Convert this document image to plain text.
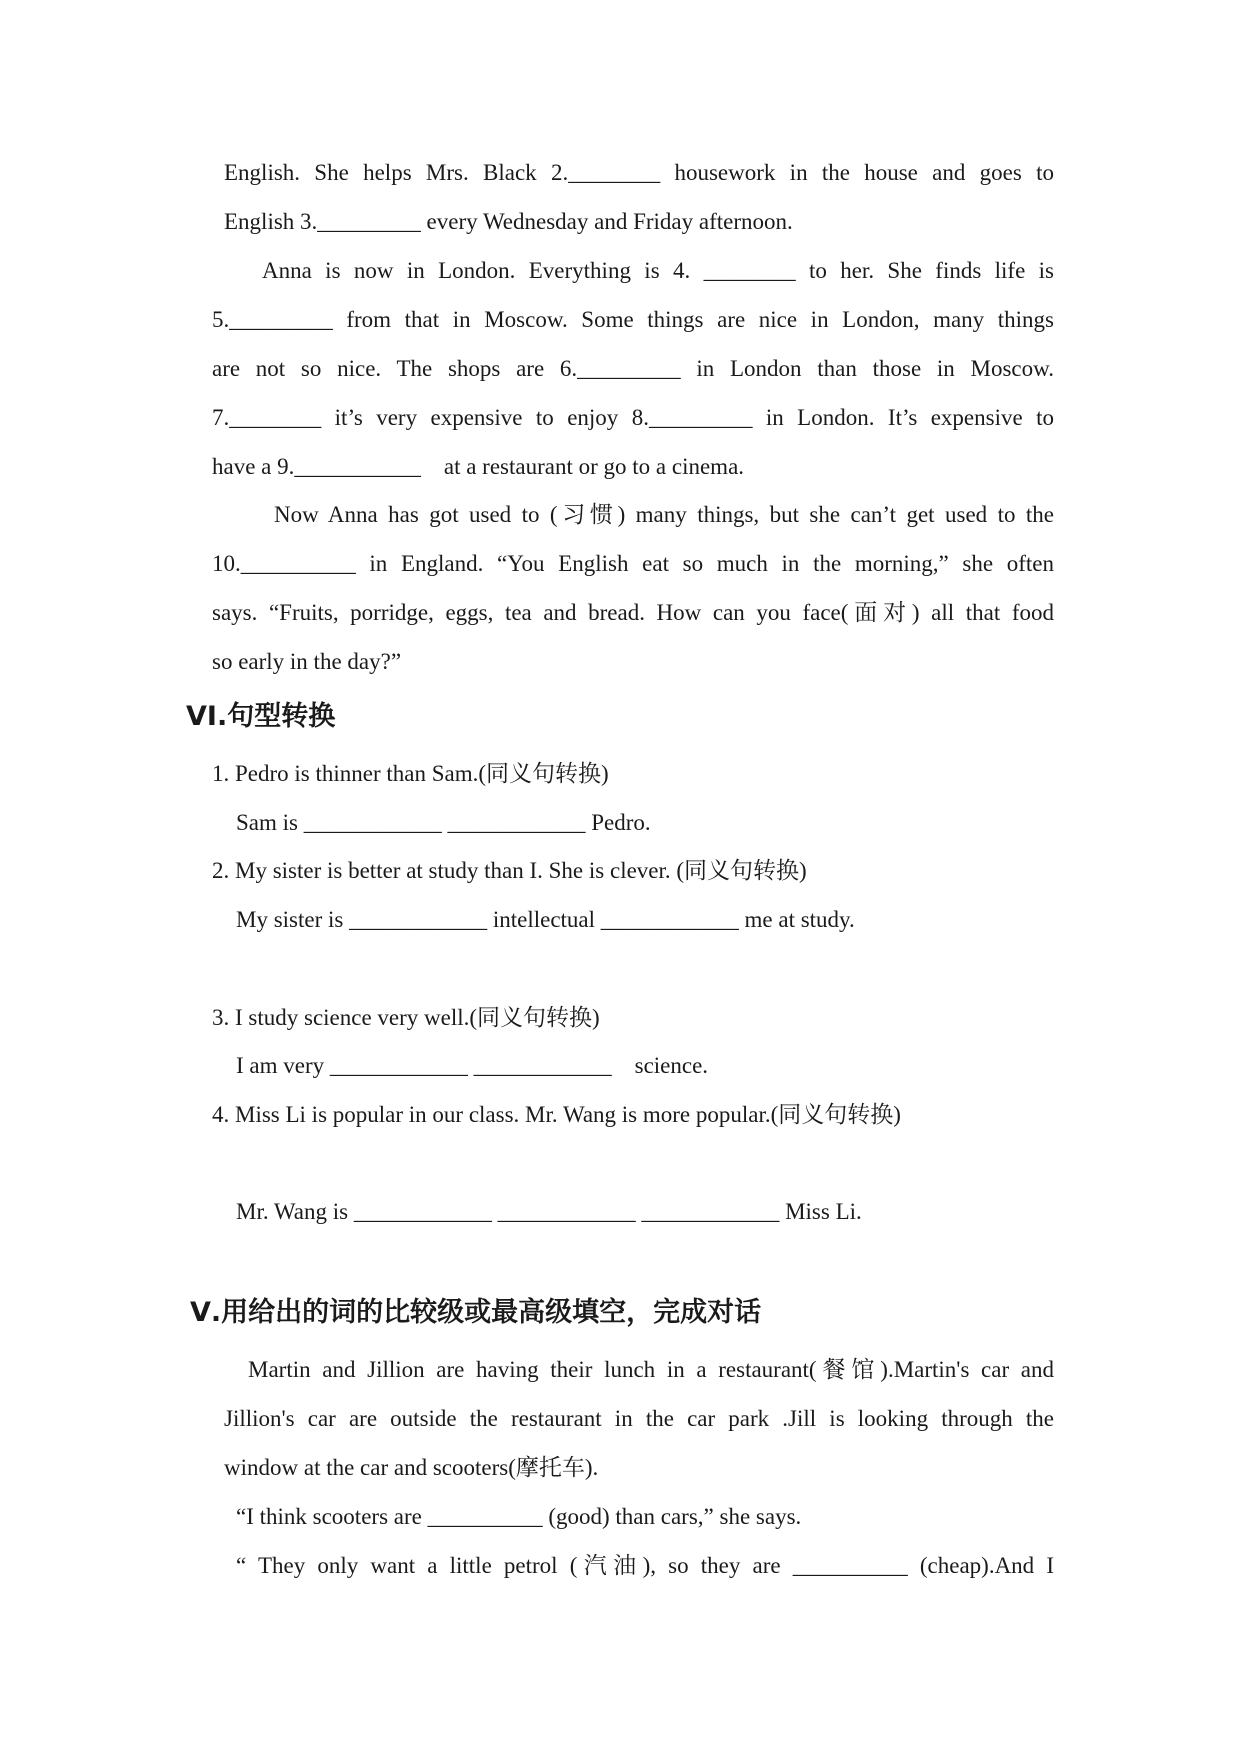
English. She helps Mrs. Black 2.________ housework in the house and goes to
English 3._________ every Wednesday and Friday afternoon.
Anna is now in London. Everything is 4. ________ to her. She finds life is
5._________ from that in Moscow. Some things are nice in London, many things
are not so nice. The shops are 6._________ in London than those in Moscow.
7.________ it’s very expensive to enjoy 8._________ in London. It’s expensive to
have a 9.___________    at a restaurant or go to a cinema.
Now Anna has got used to (习惯) many things, but she can’t get used to the
10.__________ in England. “You English eat so much in the morning,” she often
says. “Fruits, porridge, eggs, tea and bread. How can you face(面对) all that food
so early in the day?”
VI.句型转换
1. Pedro is thinner than Sam.(同义句转换)
Sam is ____________ ____________ Pedro.
2. My sister is better at study than I. She is clever. (同义句转换)
My sister is ____________ intellectual ____________ me at study.
3. I study science very well.(同义句转换)
I am very ____________ ____________    science.
4. Miss Li is popular in our class. Mr. Wang is more popular.(同义句转换)
Mr. Wang is ____________ ____________ ____________ Miss Li.
Ⅴ.用给出的词的比较级或最高级填空，完成对话
Martin and Jillion are having their lunch in a restaurant(餐馆).Martin's car and
Jillion's car are outside the restaurant in the car park .Jill is looking through the
window at the car and scooters(摩托车).
“I think scooters are __________ (good) than cars,” she says.
“ They only want a little petrol (汽油), so they are __________ (cheap).And I
